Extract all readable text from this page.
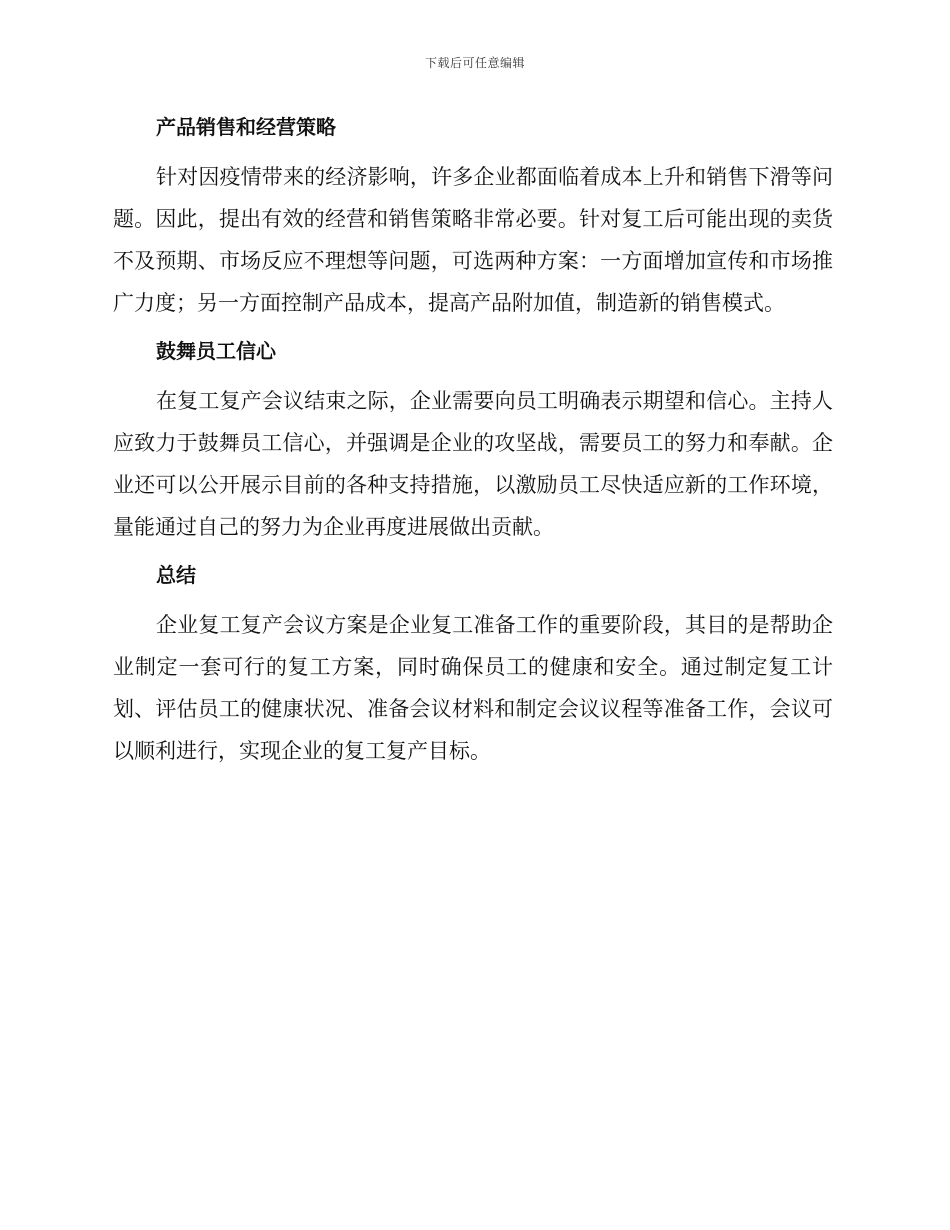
下载后可任意编辑
产品销售和经营策略

针对因疫情带来的经济影响，许多企业都面临着成本上升和销售下滑等问题。因此，提出有效的经营和销售策略非常必要。针对复工后可能出现的卖货不及预期、市场反应不理想等问题，可选两种方案：一方面增加宣传和市场推广力度；另一方面控制产品成本，提高产品附加值，制造新的销售模式。

鼓舞员工信心

在复工复产会议结束之际，企业需要向员工明确表示期望和信心。主持人应致力于鼓舞员工信心，并强调是企业的攻坚战，需要员工的努力和奉献。企业还可以公开展示目前的各种支持措施，以激励员工尽快适应新的工作环境，量能通过自己的努力为企业再度进展做出贡献。

总结

企业复工复产会议方案是企业复工准备工作的重要阶段，其目的是帮助企业制定一套可行的复工方案，同时确保员工的健康和安全。通过制定复工计划、评估员工的健康状况、准备会议材料和制定会议议程等准备工作，会议可以顺利进行，实现企业的复工复产目标。
